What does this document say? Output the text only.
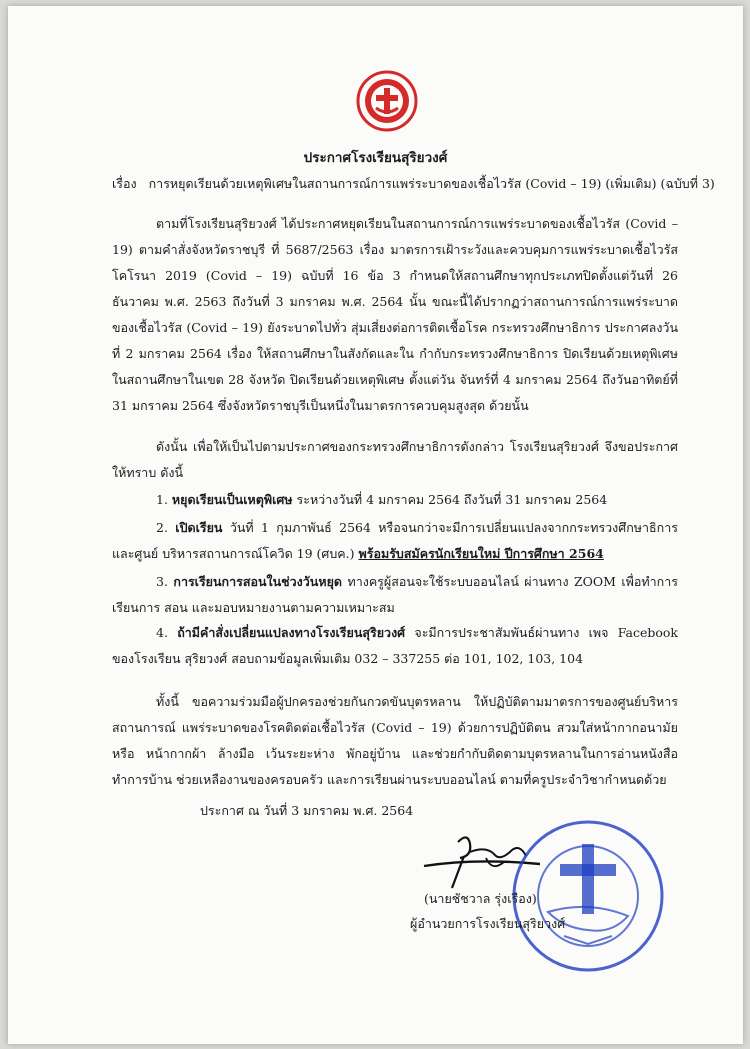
ประกาศโรงเรียนสุริยวงศ์
เรื่อง การหยุดเรียนด้วยเหตุพิเศษในสถานการณ์การแพร่ระบาดของเชื้อไวรัส (Covid – 19) (เพิ่มเติม) (ฉบับที่ 3)

ตามที่โรงเรียนสุริยวงศ์ ได้ประกาศหยุดเรียนในสถานการณ์การแพร่ระบาดของเชื้อไวรัส (Covid – 19) ตามคำสั่งจังหวัดราชบุรี ที่ 5687/2563 เรื่อง มาตรการเฝ้าระวังและควบคุมการแพร่ระบาดเชื้อไวรัสโคโรนา 2019 (Covid – 19) ฉบับที่ 16 ข้อ 3 กำหนดให้สถานศึกษาทุกประเภทปิดตั้งแต่วันที่ 26 ธันวาคม พ.ศ. 2563 ถึงวันที่ 3 มกราคม พ.ศ. 2564 นั้น ขณะนี้ได้ปรากฏว่าสถานการณ์การแพร่ระบาดของเชื้อไวรัส (Covid – 19) ยังระบาดไปทั่ว สุ่มเสี่ยงต่อการติดเชื้อโรค กระทรวงศึกษาธิการ ประกาศลงวันที่ 2 มกราคม 2564 เรื่อง ให้สถานศึกษาในสังกัดและใน กำกับกระทรวงศึกษาธิการ ปิดเรียนด้วยเหตุพิเศษ ในสถานศึกษาในเขต 28 จังหวัด ปิดเรียนด้วยเหตุพิเศษ ตั้งแต่วัน จันทร์ที่ 4 มกราคม 2564 ถึงวันอาทิตย์ที่ 31 มกราคม 2564 ซึ่งจังหวัดราชบุรีเป็นหนึ่งในมาตรการควบคุมสูงสุด ด้วยนั้น

ดังนั้น เพื่อให้เป็นไปตามประกาศของกระทรวงศึกษาธิการดังกล่าว โรงเรียนสุริยวงศ์ จึงขอประกาศให้ทราบ ดังนี้

1. หยุดเรียนเป็นเหตุพิเศษ ระหว่างวันที่ 4 มกราคม 2564 ถึงวันที่ 31 มกราคม 2564

2. เปิดเรียน วันที่ 1 กุมภาพันธ์ 2564 หรือจนกว่าจะมีการเปลี่ยนแปลงจากกระทรวงศึกษาธิการ และศูนย์ บริหารสถานการณ์โควิด 19 (ศบค.) พร้อมรับสมัครนักเรียนใหม่ ปีการศึกษา 2564

3. การเรียนการสอนในช่วงวันหยุด ทางครูผู้สอนจะใช้ระบบออนไลน์ ผ่านทาง ZOOM เพื่อทำการเรียนการ สอน และมอบหมายงานตามความเหมาะสม

4. ถ้ามีคำสั่งเปลี่ยนแปลงทางโรงเรียนสุริยวงศ์ จะมีการประชาสัมพันธ์ผ่านทาง เพจ Facebook ของโรงเรียน สุริยวงศ์ สอบถามข้อมูลเพิ่มเติม 032 – 337255 ต่อ 101, 102, 103, 104

ทั้งนี้ ขอความร่วมมือผู้ปกครองช่วยกันกวดขันบุตรหลาน ให้ปฏิบัติตามมาตรการของศูนย์บริหารสถานการณ์ แพร่ระบาดของโรคติดต่อเชื้อไวรัส (Covid – 19) ด้วยการปฏิบัติตน สวมใส่หน้ากากอนามัย หรือ หน้ากากผ้า ล้างมือ เว้นระยะห่าง พักอยู่บ้าน และช่วยกำกับติดตามบุตรหลานในการอ่านหนังสือ ทำการบ้าน ช่วยเหลืองานของครอบครัว และการเรียนผ่านระบบออนไลน์ ตามที่ครูประจำวิชากำหนดด้วย

ประกาศ ณ วันที่ 3 มกราคม พ.ศ. 2564
(นายชัชวาล รุ่งเรือง)
ผู้อำนวยการโรงเรียนสุริยวงศ์
